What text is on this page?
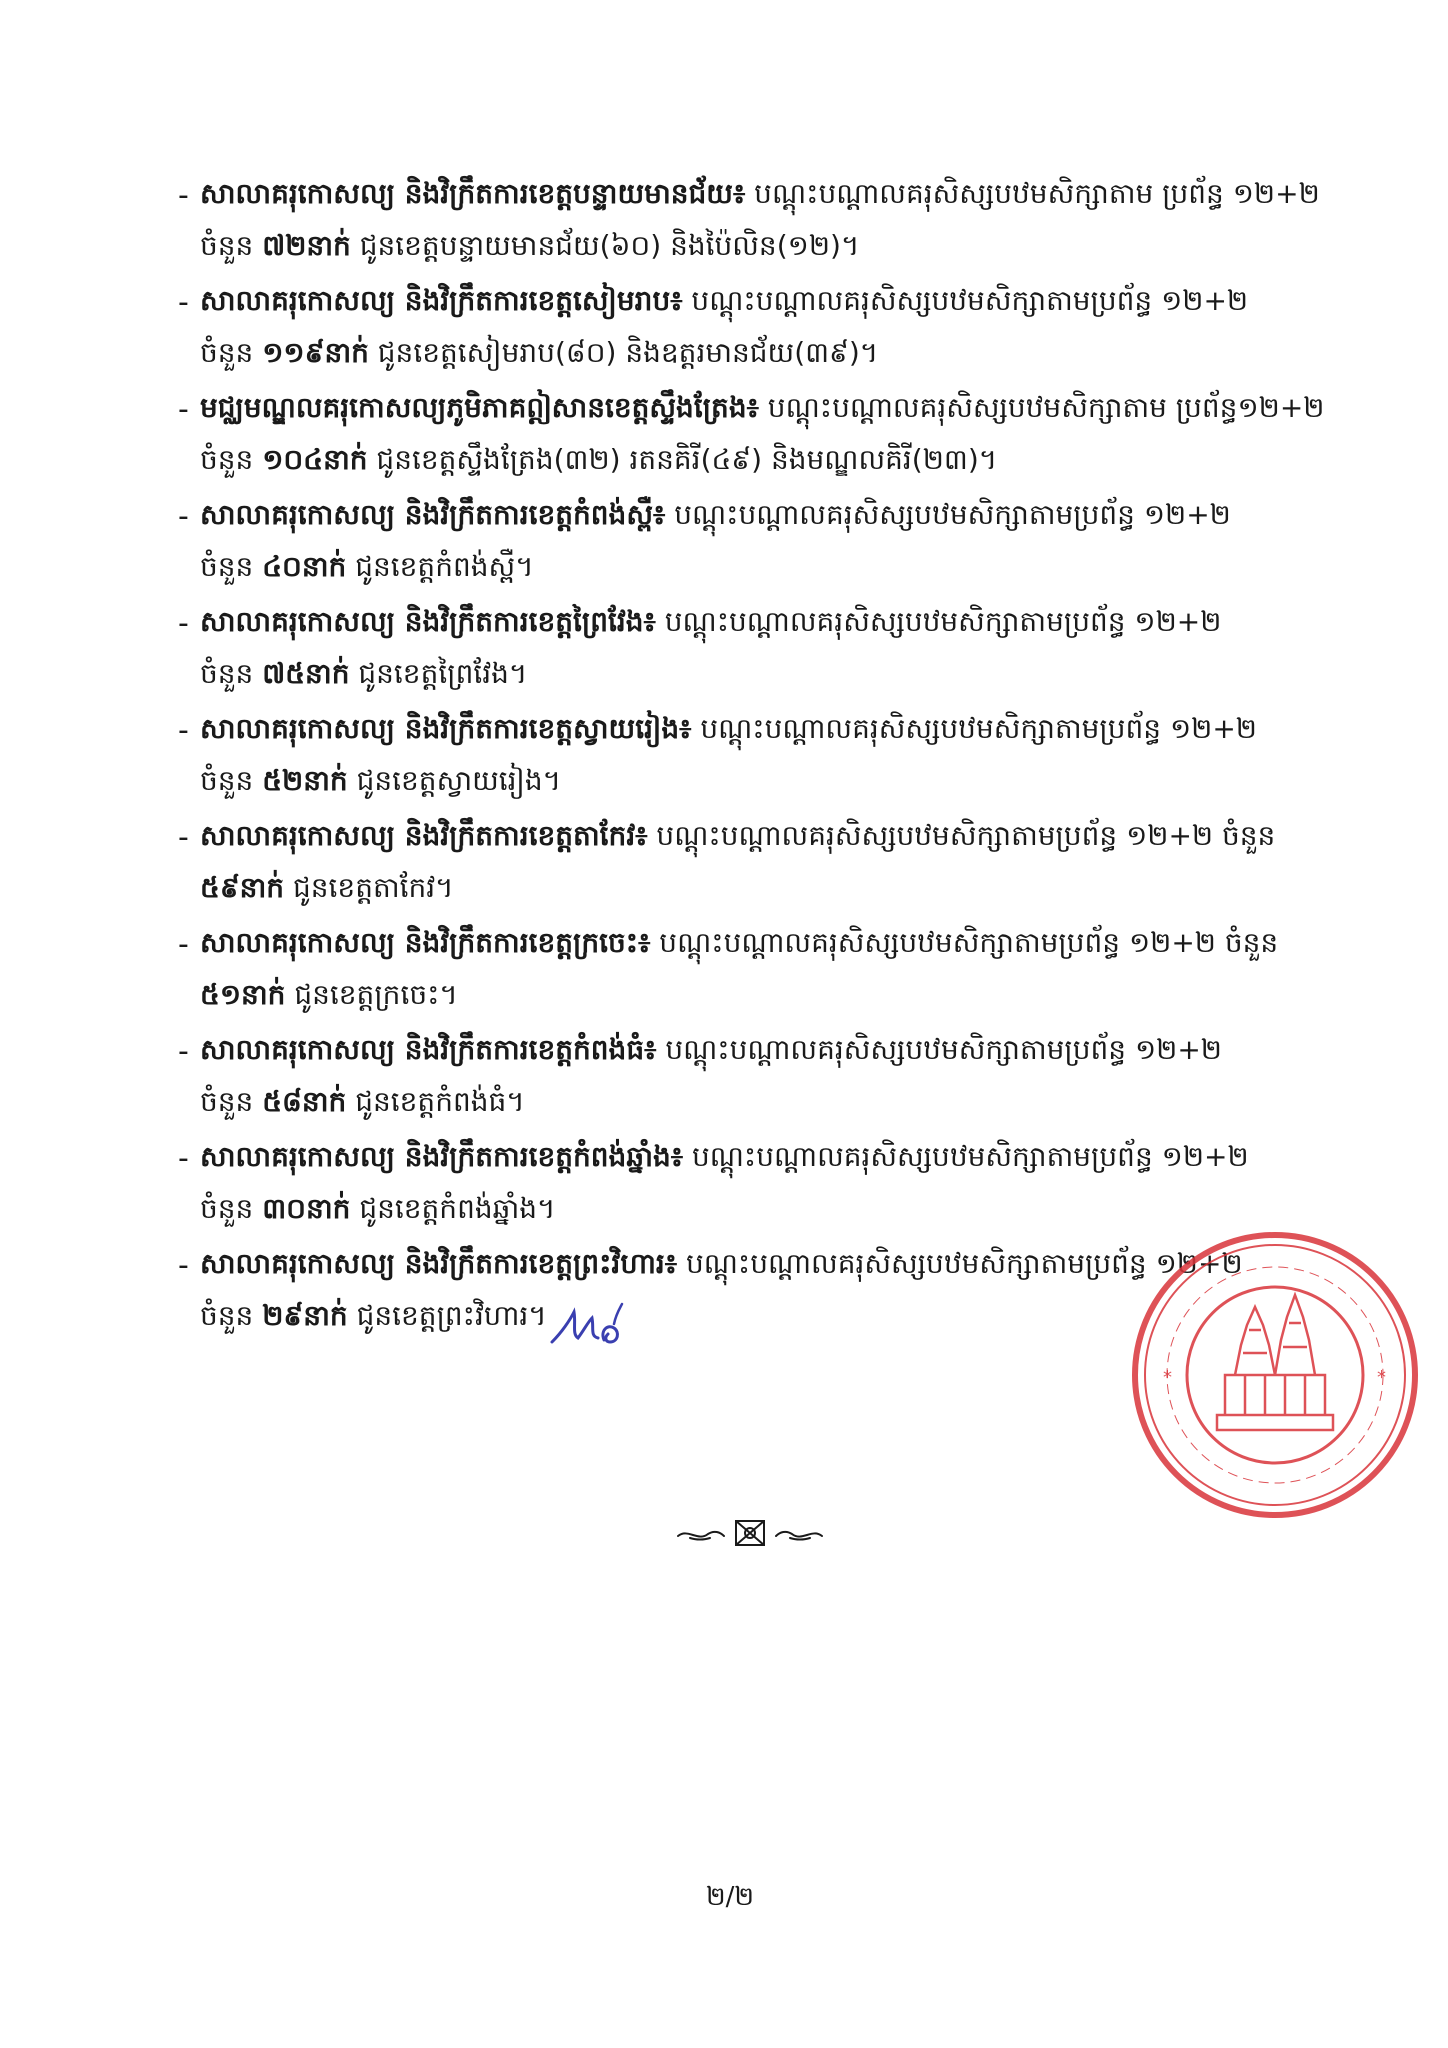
- សាលាគរុកោសល្យ និងវិក្រឹតការខេត្តបន្ទាយមានជ័យ៖ បណ្តុះបណ្តាលគរុសិស្សបឋមសិក្សាតាម ប្រព័ន្ធ ១២+២
ចំនួន ៧២នាក់ ជូនខេត្តបន្ទាយមានជ័យ(៦០) និងប៉ៃលិន(១២)។
- សាលាគរុកោសល្យ និងវិក្រឹតការខេត្តសៀមរាប៖ បណ្តុះបណ្តាលគរុសិស្សបឋមសិក្សាតាមប្រព័ន្ធ ១២+២
ចំនួន ១១៩នាក់ ជូនខេត្តសៀមរាប(៨០) និងឧត្តរមានជ័យ(៣៩)។
- មជ្ឈមណ្ឌលគរុកោសល្យភូមិភាគឦសានខេត្តស្ទឹងត្រែង៖ បណ្តុះបណ្តាលគរុសិស្សបឋមសិក្សាតាម ប្រព័ន្ធ១២+២
ចំនួន ១០៤នាក់ ជូនខេត្តស្ទឹងត្រែង(៣២) រតនគិរី(៤៩) និងមណ្ឌលគិរី(២៣)។
- សាលាគរុកោសល្យ និងវិក្រឹតការខេត្តកំពង់ស្ពឺ៖ បណ្តុះបណ្តាលគរុសិស្សបឋមសិក្សាតាមប្រព័ន្ធ ១២+២
ចំនួន ៤០នាក់ ជូនខេត្តកំពង់ស្ពឺ។
- សាលាគរុកោសល្យ និងវិក្រឹតការខេត្តព្រៃវែង៖ បណ្តុះបណ្តាលគរុសិស្សបឋមសិក្សាតាមប្រព័ន្ធ ១២+២
ចំនួន ៧៥នាក់ ជូនខេត្តព្រៃវែង។
- សាលាគរុកោសល្យ និងវិក្រឹតការខេត្តស្វាយរៀង៖ បណ្តុះបណ្តាលគរុសិស្សបឋមសិក្សាតាមប្រព័ន្ធ ១២+២
ចំនួន ៥២នាក់ ជូនខេត្តស្វាយរៀង។
- សាលាគរុកោសល្យ និងវិក្រឹតការខេត្តតាកែវ៖ បណ្តុះបណ្តាលគរុសិស្សបឋមសិក្សាតាមប្រព័ន្ធ ១២+២ ចំនួន
៥៩នាក់ ជូនខេត្តតាកែវ។
- សាលាគរុកោសល្យ និងវិក្រឹតការខេត្តក្រចេះ៖ បណ្តុះបណ្តាលគរុសិស្សបឋមសិក្សាតាមប្រព័ន្ធ ១២+២ ចំនួន
៥១នាក់ ជូនខេត្តក្រចេះ។
- សាលាគរុកោសល្យ និងវិក្រឹតការខេត្តកំពង់ធំ៖ បណ្តុះបណ្តាលគរុសិស្សបឋមសិក្សាតាមប្រព័ន្ធ ១២+២
ចំនួន ៥៨នាក់ ជូនខេត្តកំពង់ធំ។
- សាលាគរុកោសល្យ និងវិក្រឹតការខេត្តកំពង់ឆ្នាំង៖ បណ្តុះបណ្តាលគរុសិស្សបឋមសិក្សាតាមប្រព័ន្ធ ១២+២
ចំនួន ៣០នាក់ ជូនខេត្តកំពង់ឆ្នាំង។
- សាលាគរុកោសល្យ និងវិក្រឹតការខេត្តព្រះវិហារ៖ បណ្តុះបណ្តាលគរុសិស្សបឋមសិក្សាតាមប្រព័ន្ធ ១២+២
ចំនួន ២៩នាក់ ជូនខេត្តព្រះវិហារ។
*	*
២/២
